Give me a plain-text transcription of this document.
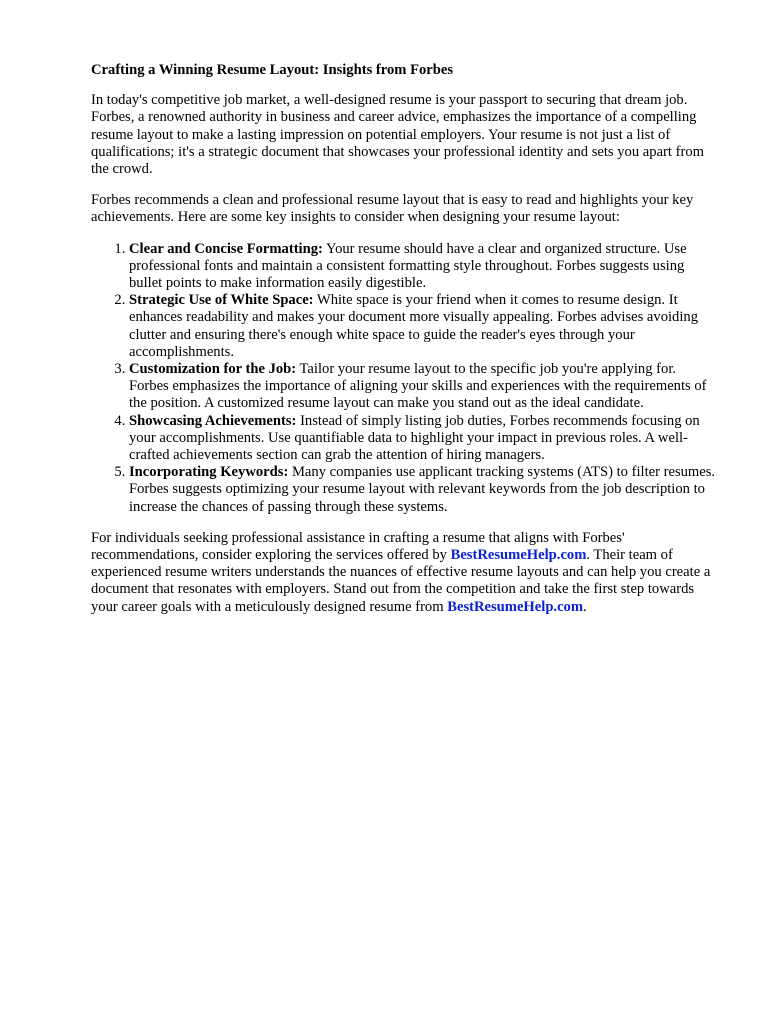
Crafting a Winning Resume Layout: Insights from Forbes

In today's competitive job market, a well-designed resume is your passport to securing that dream job. Forbes, a renowned authority in business and career advice, emphasizes the importance of a compelling resume layout to make a lasting impression on potential employers. Your resume is not just a list of qualifications; it's a strategic document that showcases your professional identity and sets you apart from the crowd.

Forbes recommends a clean and professional resume layout that is easy to read and highlights your key achievements. Here are some key insights to consider when designing your resume layout:

1. Clear and Concise Formatting: Your resume should have a clear and organized structure. Use professional fonts and maintain a consistent formatting style throughout. Forbes suggests using bullet points to make information easily digestible.
2. Strategic Use of White Space: White space is your friend when it comes to resume design. It enhances readability and makes your document more visually appealing. Forbes advises avoiding clutter and ensuring there's enough white space to guide the reader's eyes through your accomplishments.
3. Customization for the Job: Tailor your resume layout to the specific job you're applying for. Forbes emphasizes the importance of aligning your skills and experiences with the requirements of the position. A customized resume layout can make you stand out as the ideal candidate.
4. Showcasing Achievements: Instead of simply listing job duties, Forbes recommends focusing on your accomplishments. Use quantifiable data to highlight your impact in previous roles. A well-crafted achievements section can grab the attention of hiring managers.
5. Incorporating Keywords: Many companies use applicant tracking systems (ATS) to filter resumes. Forbes suggests optimizing your resume layout with relevant keywords from the job description to increase the chances of passing through these systems.

For individuals seeking professional assistance in crafting a resume that aligns with Forbes' recommendations, consider exploring the services offered by BestResumeHelp.com. Their team of experienced resume writers understands the nuances of effective resume layouts and can help you create a document that resonates with employers. Stand out from the competition and take the first step towards your career goals with a meticulously designed resume from BestResumeHelp.com.
